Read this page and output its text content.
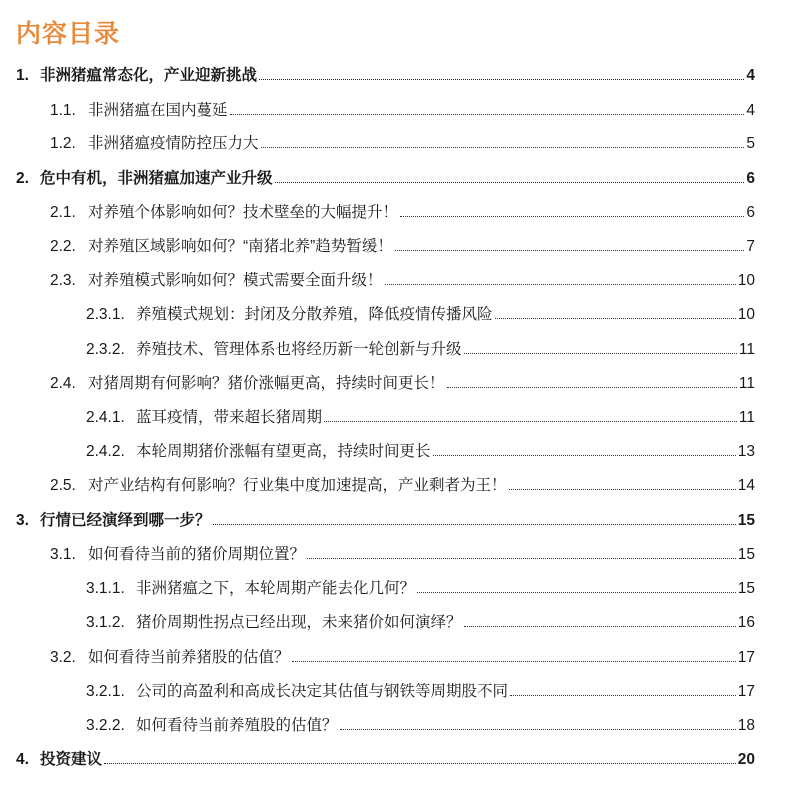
内容目录
1. 非洲猪瘟常态化，产业迎新挑战	4
1.1. 非洲猪瘟在国内蔓延	4
1.2. 非洲猪瘟疫情防控压力大	5
2. 危中有机，非洲猪瘟加速产业升级	6
2.1. 对养殖个体影响如何？技术壁垒的大幅提升！	6
2.2. 对养殖区域影响如何？“南猪北养”趋势暂缓！	7
2.3. 对养殖模式影响如何？模式需要全面升级！	10
2.3.1. 养殖模式规划：封闭及分散养殖，降低疫情传播风险	10
2.3.2. 养殖技术、管理体系也将经历新一轮创新与升级	11
2.4. 对猪周期有何影响？猪价涨幅更高，持续时间更长！	11
2.4.1. 蓝耳疫情，带来超长猪周期	11
2.4.2. 本轮周期猪价涨幅有望更高，持续时间更长	13
2.5. 对产业结构有何影响？行业集中度加速提高，产业剩者为王！	14
3. 行情已经演绎到哪一步？	15
3.1. 如何看待当前的猪价周期位置？	15
3.1.1. 非洲猪瘟之下，本轮周期产能去化几何？	15
3.1.2. 猪价周期性拐点已经出现，未来猪价如何演绎？	16
3.2. 如何看待当前养猪股的估值？	17
3.2.1. 公司的高盈利和高成长决定其估值与钢铁等周期股不同	17
3.2.2. 如何看待当前养殖股的估值？	18
4. 投资建议	20
